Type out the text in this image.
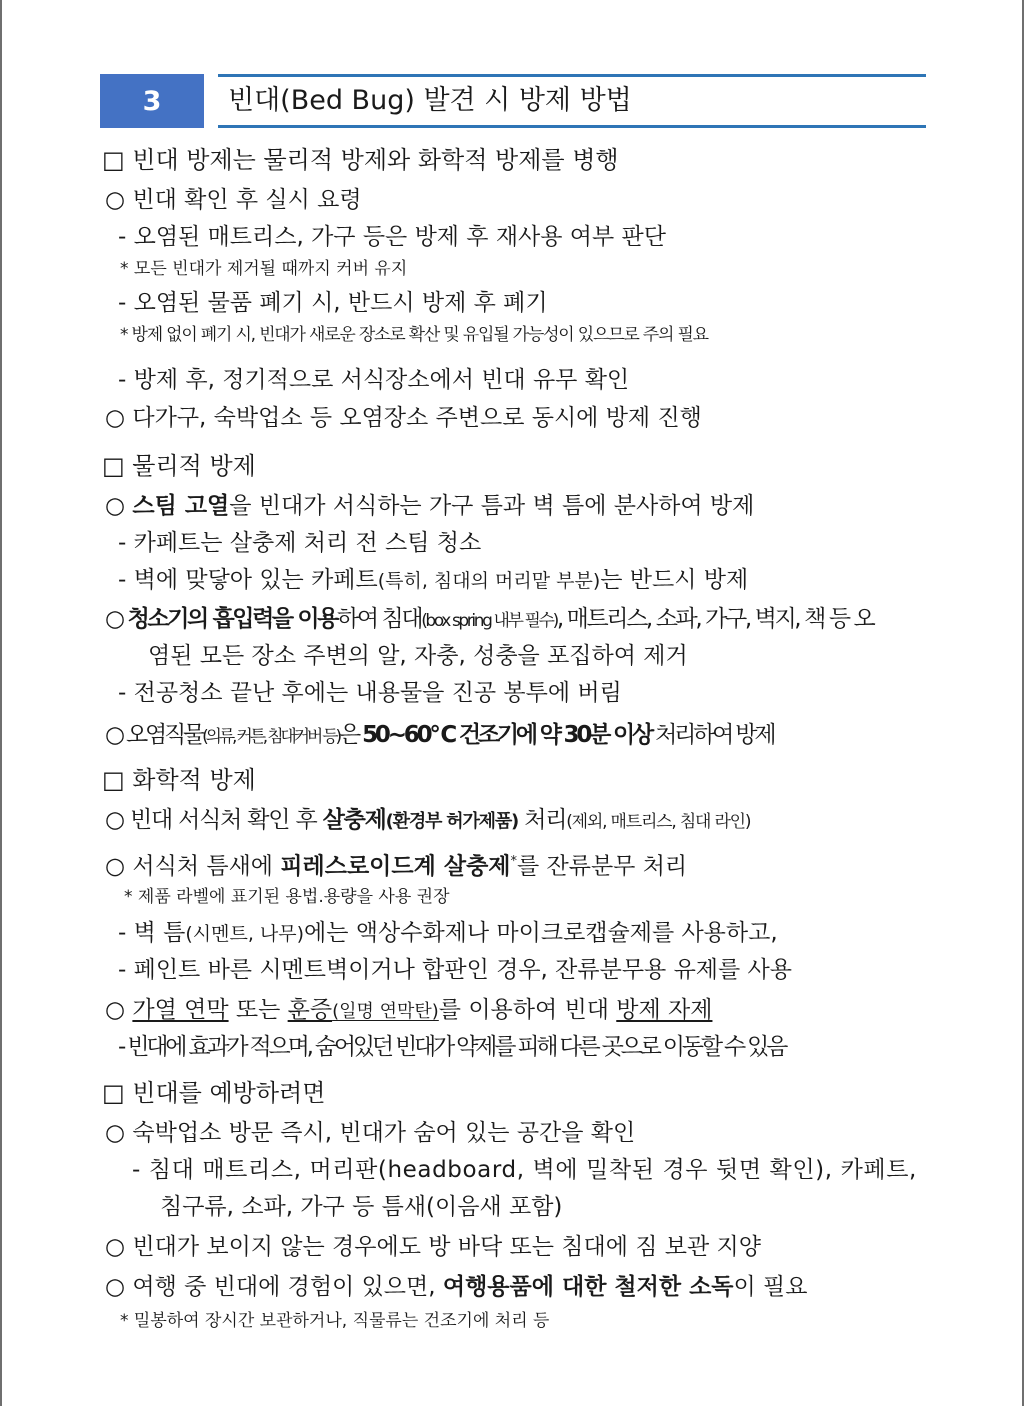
3	빈대(Bed Bug) 발견 시 방제 방법
□ 빈대 방제는 물리적 방제와 화학적 방제를 병행
○ 빈대 확인 후 실시 요령
- 오염된 매트리스, 가구 등은 방제 후 재사용 여부 판단
* 모든 빈대가 제거될 때까지 커버 유지
- 오염된 물품 폐기 시, 반드시 방제 후 폐기
* 방제 없이 폐기 시, 빈대가 새로운 장소로 확산 및 유입될 가능성이 있으므로 주의 필요
- 방제 후, 정기적으로 서식장소에서 빈대 유무 확인
○ 다가구, 숙박업소 등 오염장소 주변으로 동시에 방제 진행
□ 물리적 방제
○ 스팀 고열을 빈대가 서식하는 가구 틈과 벽 틈에 분사하여 방제
- 카페트는 살충제 처리 전 스팀 청소
- 벽에 맞닿아 있는 카페트(특히, 침대의 머리맡 부분)는 반드시 방제
○ 청소기의 흡입력을 이용하여 침대(box spring 내부 필수), 매트리스, 소파, 가구, 벽지, 책 등 오
염된 모든 장소 주변의 알, 자충, 성충을 포집하여 제거
- 전공청소 끝난 후에는 내용물을 진공 봉투에 버림
○ 오염직물(의류, 커튼, 침대커버 등)은 50~60℃ 건조기에 약 30분 이상 처리하여 방제
□ 화학적 방제
○ 빈대 서식처 확인 후 살충제(환경부 허가제품) 처리(제외, 매트리스, 침대 라인)
○ 서식처 틈새에 피레스로이드계 살충제*를 잔류분무 처리
* 제품 라벨에 표기된 용법.용량을 사용 권장
- 벽 틈(시멘트, 나무)에는 액상수화제나 마이크로캡슐제를 사용하고,
- 페인트 바른 시멘트벽이거나 합판인 경우, 잔류분무용 유제를 사용
○ 가열 연막 또는 훈증(일명 연막탄)를 이용하여 빈대 방제 자제
- 빈대에 효과가 적으며, 숨어있던 빈대가 약제를 피해 다른 곳으로 이동할 수 있음
□ 빈대를 예방하려면
○ 숙박업소 방문 즉시, 빈대가 숨어 있는 공간을 확인
- 침대 매트리스, 머리판(headboard, 벽에 밀착된 경우 뒷면 확인), 카페트,
침구류, 소파, 가구 등 틈새(이음새 포함)
○ 빈대가 보이지 않는 경우에도 방 바닥 또는 침대에 짐 보관 지양
○ 여행 중 빈대에 경험이 있으면, 여행용품에 대한 철저한 소독이 필요
* 밀봉하여 장시간 보관하거나, 직물류는 건조기에 처리 등
